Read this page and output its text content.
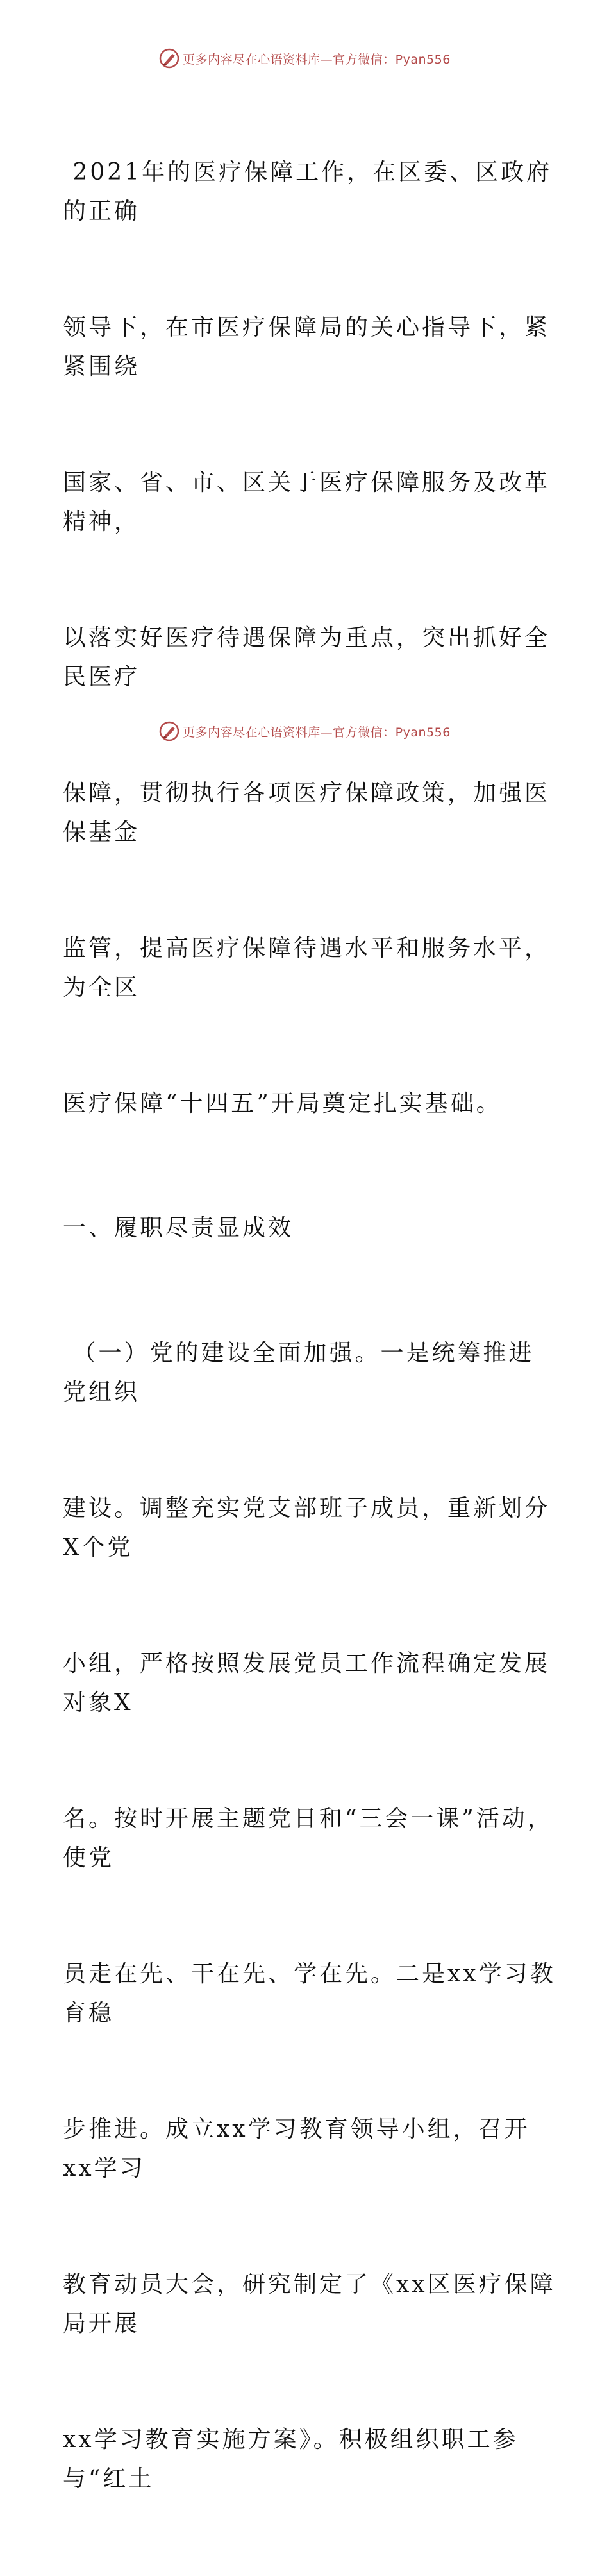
更多内容尽在心语资料库—官方微信：Pyan556

2021年的医疗保障工作，在区委、区政府的正确

领导下，在市医疗保障局的关心指导下，紧紧围绕

国家、省、市、区关于医疗保障服务及改革精神，

以落实好医疗待遇保障为重点，突出抓好全民医疗

保障，贯彻执行各项医疗保障政策，加强医保基金

监管，提高医疗保障待遇水平和服务水平，为全区

医疗保障“十四五”开局奠定扎实基础。

一、履职尽责显成效

（一）党的建设全面加强。一是统筹推进党组织

建设。调整充实党支部班子成员，重新划分X个党

小组，严格按照发展党员工作流程确定发展对象X

名。按时开展主题党日和“三会一课”活动，使党

员走在先、干在先、学在先。二是xx学习教育稳

步推进。成立xx学习教育领导小组，召开xx学习

教育动员大会，研究制定了《xx区医疗保障局开展

xx学习教育实施方案》。积极组织职工参与“红土

更多内容尽在心语资料库—官方微信：Pyan556
